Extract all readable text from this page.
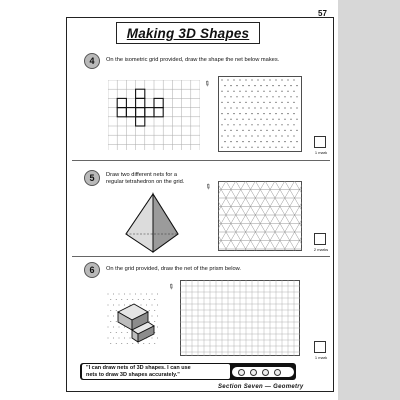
57
Making 3D Shapes
4	On the isometric grid provided, draw the shape the net below makes.
✎
1 mark
5	Draw two different nets for a
regular tetrahedron on the grid.
✎
2 marks
6	On the grid provided, draw the net of the prism below.
✎
1 mark
"I can draw nets of 3D shapes. I can use
nets to draw 3D shapes accurately."
Section Seven — Geometry
